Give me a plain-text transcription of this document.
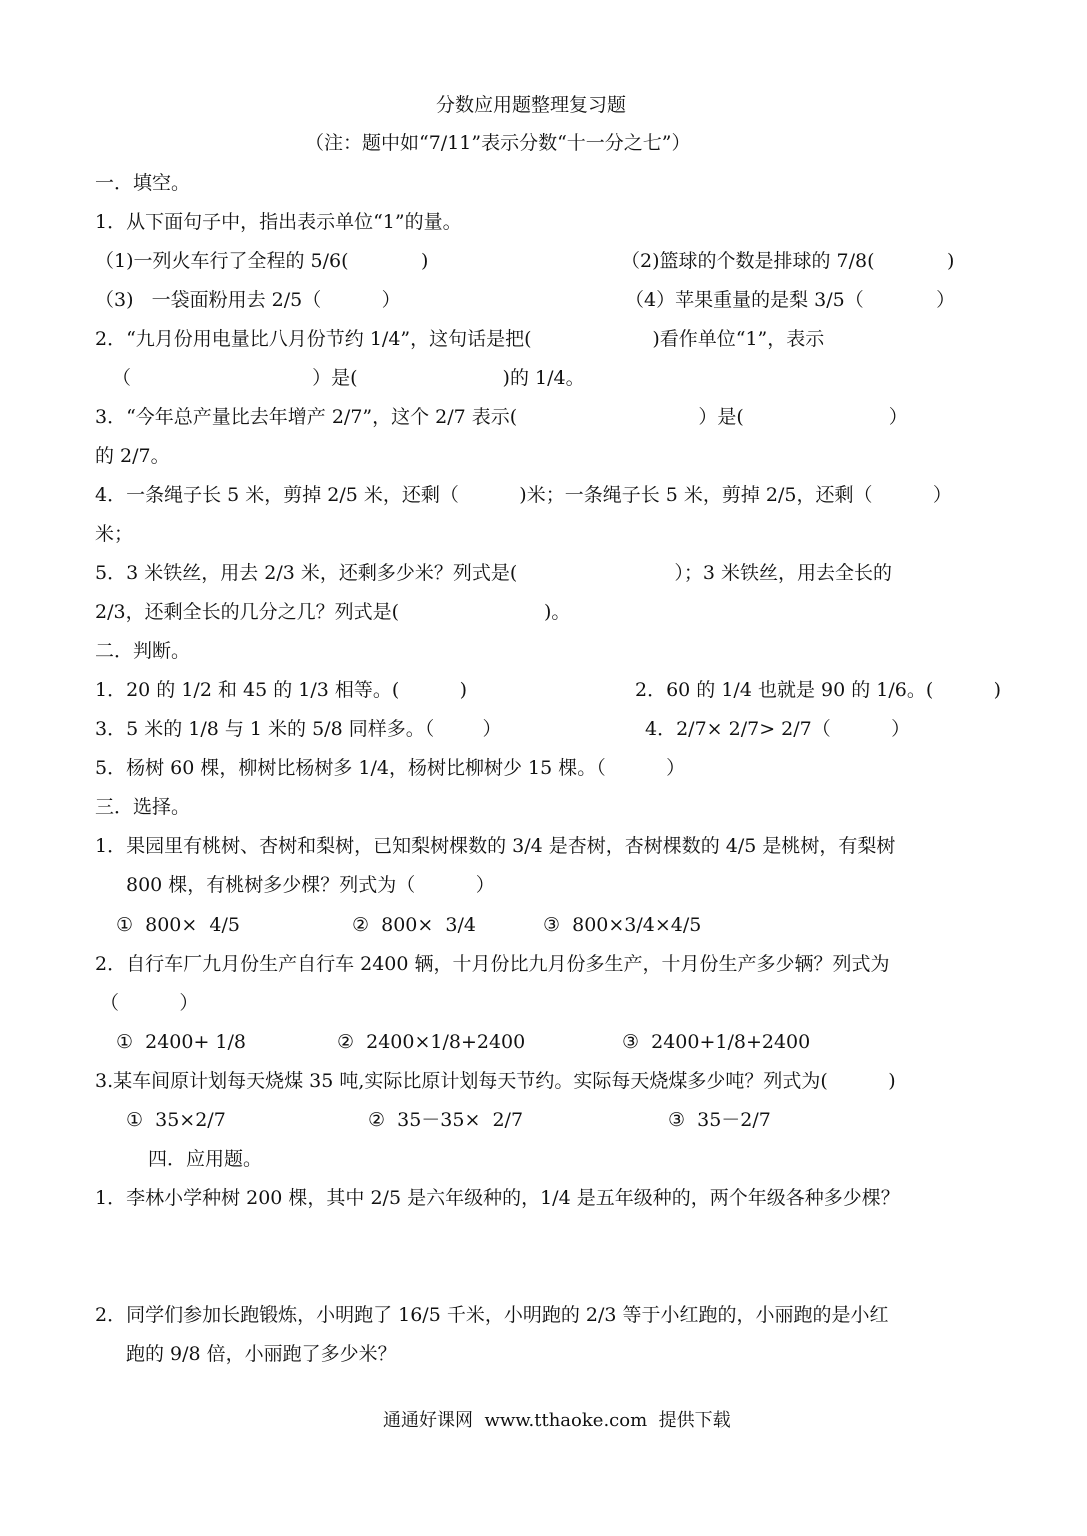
分数应用题整理复习题
（注：题中如“7/11”表示分数“十一分之七”）
一．填空。
1．从下面句子中，指出表示单位“1”的量。
（1)一列火车行了全程的 5/6(            )	（2)篮球的个数是排球的 7/8(            )
（3)   一袋面粉用去 2/5（          ）	（4）苹果重量的是梨 3/5（            ）
2．“九月份用电量比八月份节约 1/4”，这句话是把(                    )看作单位“1”，表示
（                              ）是(                        )的 1/4。
3．“今年总产量比去年增产 2/7”，这个 2/7 表示(                              ）是(                        ）
的 2/7。
4．一条绳子长 5 米，剪掉 2/5 米，还剩（          )米；一条绳子长 5 米，剪掉 2/5，还剩（          ）
米；
5．3 米铁丝，用去 2/3 米，还剩多少米？列式是(                          ）；3 米铁丝，用去全长的
2/3，还剩全长的几分之几？列式是(                        )。
二．判断。
1．20 的 1/2 和 45 的 1/3 相等。(          )	2．60 的 1/4 也就是 90 的 1/6。(          )
3．5 米的 1/8 与 1 米的 5/8 同样多。（        ）	4．2/7× 2/7> 2/7（          ）
5．杨树 60 棵，柳树比杨树多 1/4，杨树比柳树少 15 棵。（          ）
三．选择。
1．果园里有桃树、杏树和梨树，已知梨树棵数的 3/4 是杏树，杏树棵数的 4/5 是桃树，有梨树
800 棵，有桃树多少棵？列式为（          ）
①  800×  4/5	②  800×  3/4	③  800×3/4×4/5
2．自行车厂九月份生产自行车 2400 辆，十月份比九月份多生产，十月份生产多少辆？列式为
（          ）
①  2400+ 1/8	②  2400×1/8+2400	③  2400+1/8+2400
3.某车间原计划每天烧煤 35 吨,实际比原计划每天节约。实际每天烧煤多少吨？列式为(          )
①  35×2/7	②  35－35×  2/7	③  35－2/7
四．应用题。
1．李林小学种树 200 棵，其中 2/5 是六年级种的，1/4 是五年级种的，两个年级各种多少棵？
2．同学们参加长跑锻炼，小明跑了 16/5 千米，小明跑的 2/3 等于小红跑的，小丽跑的是小红
跑的 9/8 倍，小丽跑了多少米？
通通好课网  www.tthaoke.com  提供下载
